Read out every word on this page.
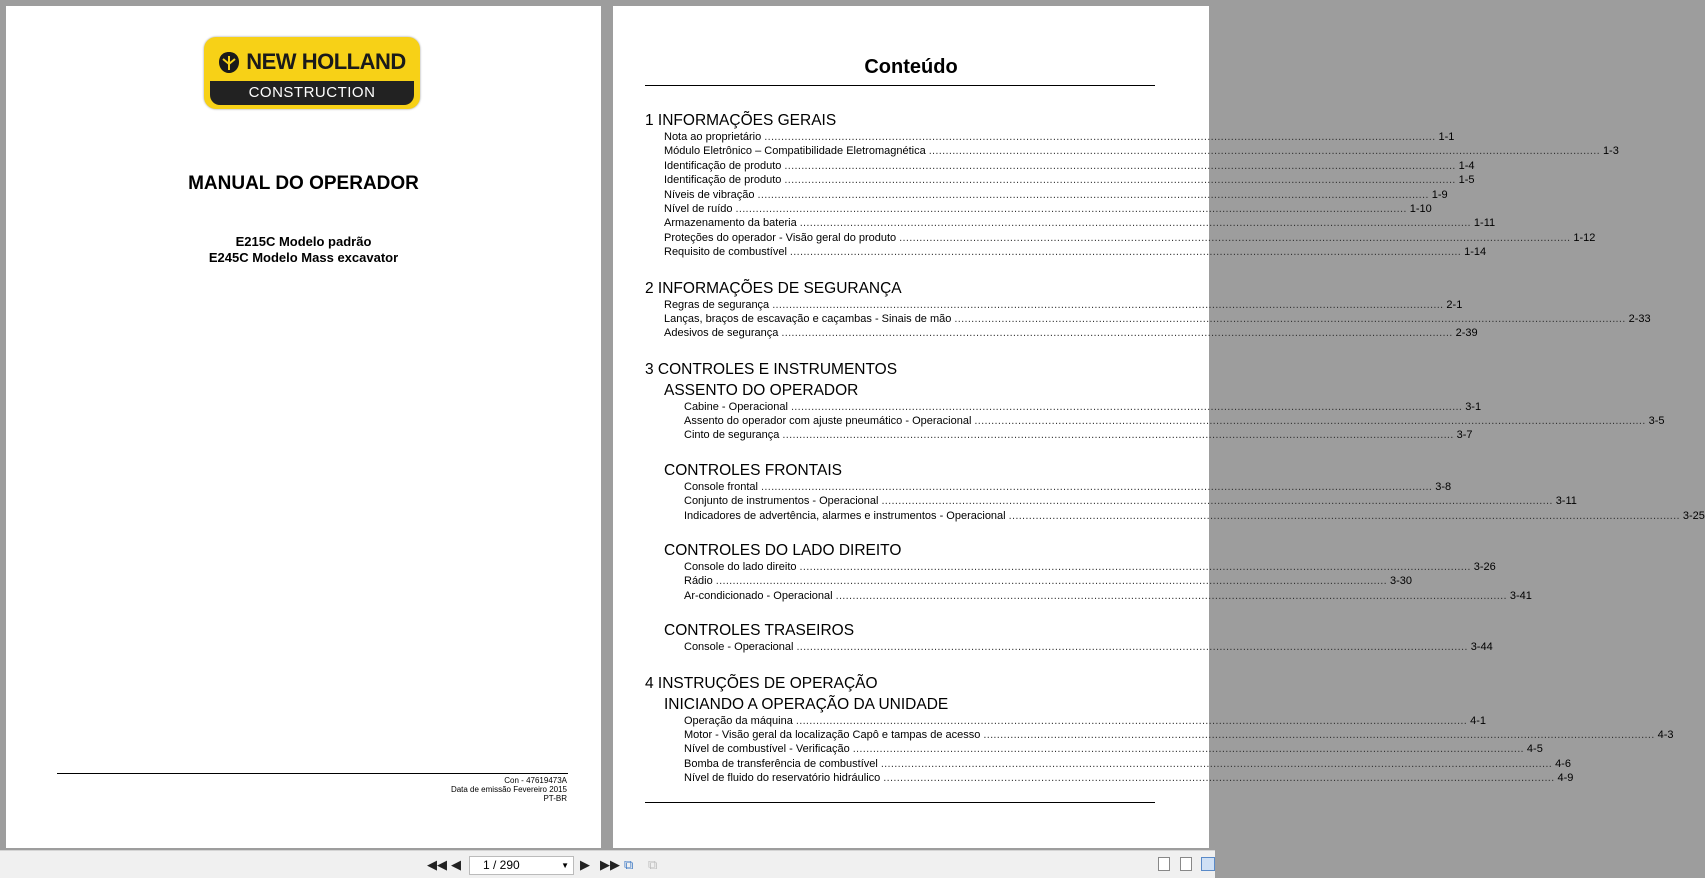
NEW HOLLAND
CONSTRUCTION
MANUAL DO OPERADOR
E215C Modelo padrão
E245C Modelo Mass excavator
Con - 47619473A
Data de emissão Fevereiro 2015
PT-BR
Conteúdo
1 INFORMAÇÕES GERAIS
Nota ao proprietário ........................................................................................................................................................................................................ 1-1
Módulo Eletrônico – Compatibilidade Eletromagnética ........................................................................................................................................................................................................ 1-3
Identificação de produto ........................................................................................................................................................................................................ 1-4
Identificação de produto ........................................................................................................................................................................................................ 1-5
Níveis de vibração ........................................................................................................................................................................................................ 1-9
Nível de ruído ........................................................................................................................................................................................................ 1-10
Armazenamento da bateria ........................................................................................................................................................................................................ 1-11
Proteções do operador - Visão geral do produto ........................................................................................................................................................................................................ 1-12
Requisito de combustível ........................................................................................................................................................................................................ 1-14
2 INFORMAÇÕES DE SEGURANÇA
Regras de segurança ........................................................................................................................................................................................................ 2-1
Lanças, braços de escavação e caçambas - Sinais de mão ........................................................................................................................................................................................................ 2-33
Adesivos de segurança ........................................................................................................................................................................................................ 2-39
3 CONTROLES E INSTRUMENTOS
ASSENTO DO OPERADOR
Cabine - Operacional ........................................................................................................................................................................................................ 3-1
Assento do operador com ajuste pneumático - Operacional ........................................................................................................................................................................................................ 3-5
Cinto de segurança ........................................................................................................................................................................................................ 3-7
CONTROLES FRONTAIS
Console frontal ........................................................................................................................................................................................................ 3-8
Conjunto de instrumentos - Operacional ........................................................................................................................................................................................................ 3-11
Indicadores de advertência, alarmes e instrumentos - Operacional ........................................................................................................................................................................................................ 3-25
CONTROLES DO LADO DIREITO
Console do lado direito ........................................................................................................................................................................................................ 3-26
Rádio ........................................................................................................................................................................................................ 3-30
Ar-condicionado - Operacional ........................................................................................................................................................................................................ 3-41
CONTROLES TRASEIROS
Console - Operacional ........................................................................................................................................................................................................ 3-44
4 INSTRUÇÕES DE OPERAÇÃO
INICIANDO A OPERAÇÃO DA UNIDADE
Operação da máquina ........................................................................................................................................................................................................ 4-1
Motor - Visão geral da localização Capô e tampas de acesso ........................................................................................................................................................................................................ 4-3
Nível de combustível - Verificação ........................................................................................................................................................................................................ 4-5
Bomba de transferência de combustível ........................................................................................................................................................................................................ 4-6
Nível de fluido do reservatório hidráulico ........................................................................................................................................................................................................ 4-9
◀◀ ◀	1 / 290	▼ ▶ ▶▶ ⧉ ⧉
